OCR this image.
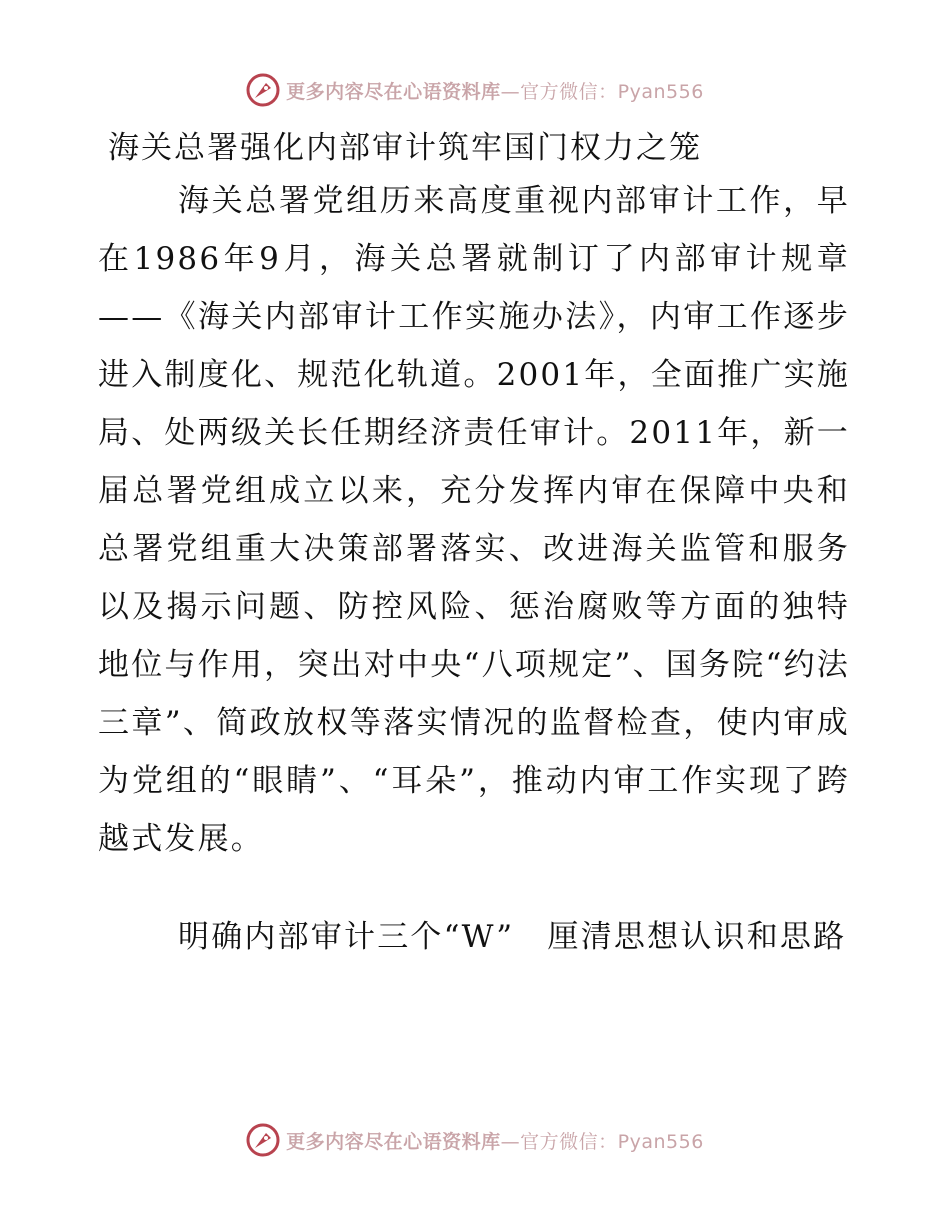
更多内容尽在心语资料库—官方微信：Pyan556
海关总署强化内部审计筑牢国门权力之笼

海关总署党组历来高度重视内部审计工作，早在1986年9月，海关总署就制订了内部审计规章——《海关内部审计工作实施办法》，内审工作逐步进入制度化、规范化轨道。2001年，全面推广实施局、处两级关长任期经济责任审计。2011年，新一届总署党组成立以来，充分发挥内审在保障中央和总署党组重大决策部署落实、改进海关监管和服务以及揭示问题、防控风险、惩治腐败等方面的独特地位与作用，突出对中央“八项规定”、国务院“约法三章”、简政放权等落实情况的监督检查，使内审成为党组的“眼睛”、“耳朵”，推动内审工作实现了跨越式发展。

明确内部审计三个“W”　厘清思想认识和思路

更多内容尽在心语资料库—官方微信：Pyan556
